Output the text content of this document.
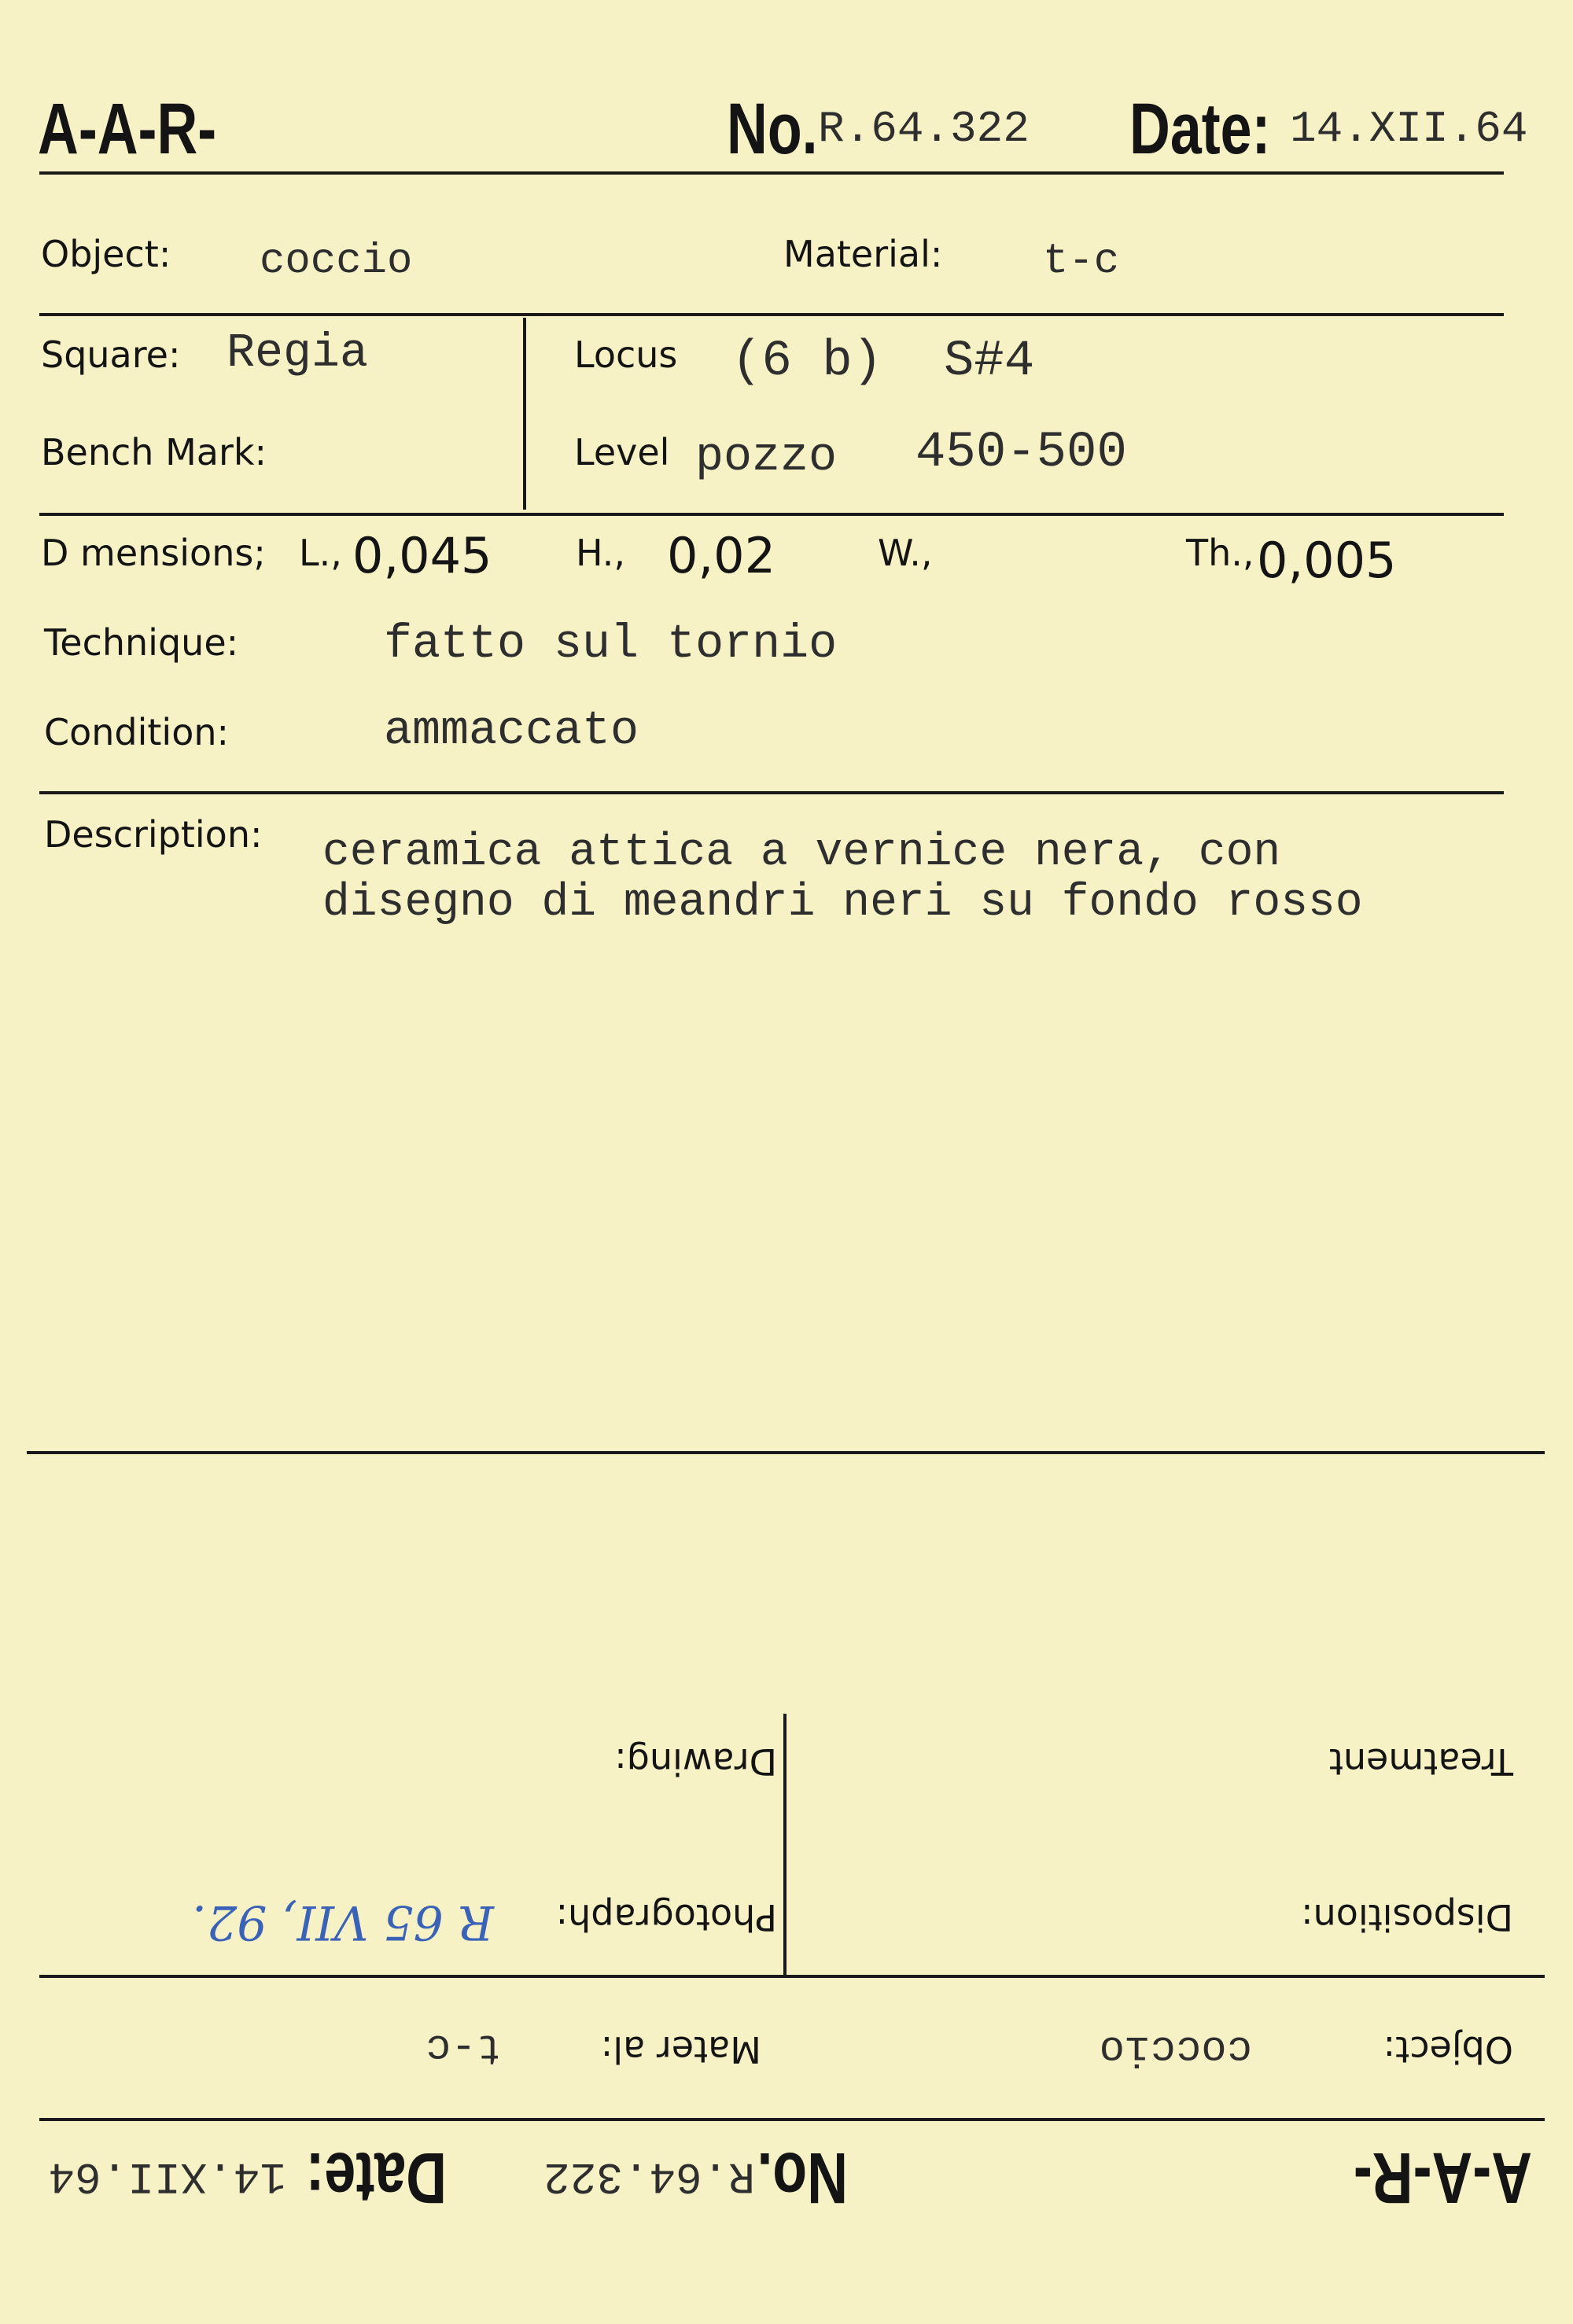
A-A-R-	No. R.64.322 Date: 14.XII.64
Object: coccio	Material: t-c
Square: Regia
Bench Mark:
Locus (6 b) S#4
Level pozzo 450-500
D mensions; L., 0,045 H., 0,02	W.,	Th., 0,005
Technique:	fatto sul tornio
Condition:	ammaccato
Description: ceramica attica a vernice nera, con
disegno di meandri neri su fondo rosso
A-A-R-
No.
R.64.322
Date:
14.XII.64
Object:
coccio
Mater al:
t-c
Disposition:
Photograph:
R 65 VII, 92.
Treatment
Drawing:
